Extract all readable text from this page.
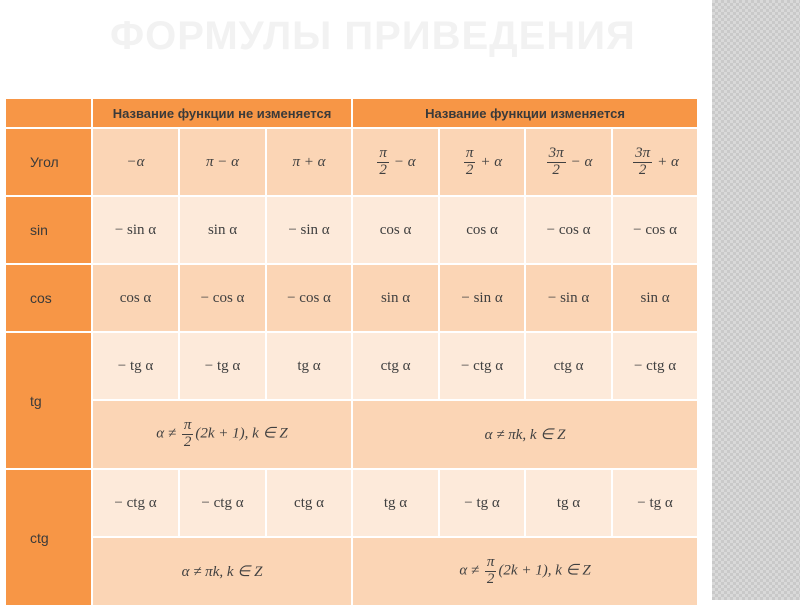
ФОРМУЛЫ ПРИВЕДЕНИЯ
	Название функции не изменяется			Название функции изменяется			
Угол	−α	π − α	π + α	$\frac{\pi}{2} - \alpha$	$\frac{\pi}{2} + \alpha$	$\frac{3\pi}{2} - \alpha$	$\frac{3\pi}{2} + \alpha$

sin	− sin α	sin α	− sin α	cos α	cos α	− cos α	− cos α
cos	cos α	− cos α	− cos α	sin α	− sin α	− sin α	sin α
tg	− tg α	− tg α	tg α	ctg α	− ctg α	ctg α	− ctg α
	$\alpha \ne \frac{\pi}{2} (2k + 1)$, k ∈ Z			α ≠ πk, k ∈ Z			
ctg	− ctg α	− ctg α	ctg α	tg α	− tg α	tg α	− tg α
	α ≠ πk, k ∈ Z			$\alpha \ne \frac{\pi}{2} (2k + 1)$, k ∈ Z			
